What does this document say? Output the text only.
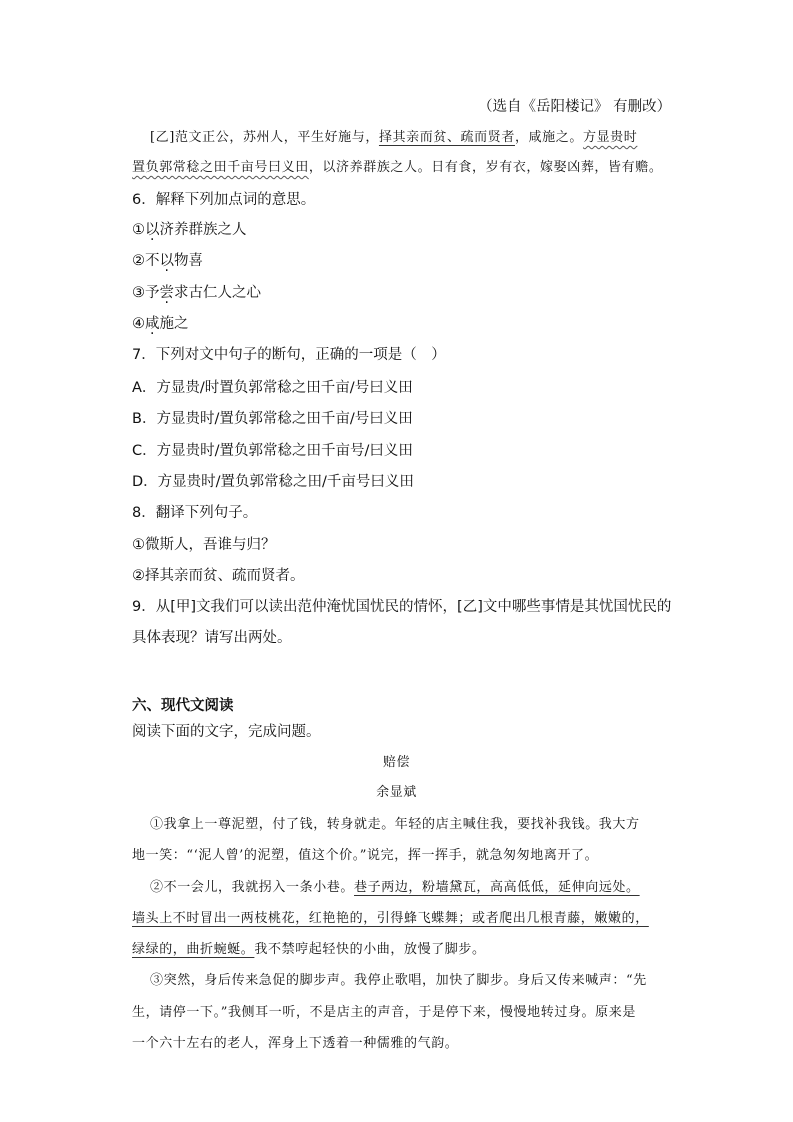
（选自《岳阳楼记》 有删改）
[乙]范文正公，苏州人，平生好施与，择其亲而贫、疏而贤者，咸施之。方显贵时
置负郭常稔之田千亩号曰义田，以济养群族之人。日有食，岁有衣，嫁娶凶葬，皆有赡。
6．解释下列加点词的意思。
①以济养群族之人
②不以物喜
③予尝求古仁人之心
④咸施之
7．下列对文中句子的断句，正确的一项是（　）
A．方显贵/时置负郭常稔之田千亩/号曰义田
B．方显贵时/置负郭常稔之田千亩/号曰义田
C．方显贵时/置负郭常稔之田千亩号/曰义田
D．方显贵时/置负郭常稔之田/千亩号曰义田
8．翻译下列句子。
①微斯人，吾谁与归？
②择其亲而贫、疏而贤者。
9．从[甲]文我们可以读出范仲淹忧国忧民的情怀，[乙]文中哪些事情是其忧国忧民的
具体表现？请写出两处。
六、现代文阅读
阅读下面的文字，完成问题。
赔偿
余显斌
①我拿上一尊泥塑，付了钱，转身就走。年轻的店主喊住我，要找补我钱。我大方
地一笑：“‘泥人曾’的泥塑，值这个价。”说完，挥一挥手，就急匆匆地离开了。
②不一会儿，我就拐入一条小巷。巷子两边，粉墙黛瓦，高高低低，延伸向远处。
墙头上不时冒出一两枝桃花，红艳艳的，引得蜂飞蝶舞；或者爬出几根青藤，嫩嫩的，
绿绿的，曲折蜿蜒。我不禁哼起轻快的小曲，放慢了脚步。
③突然，身后传来急促的脚步声。我停止歌唱，加快了脚步。身后又传来喊声：“先
生，请停一下。”我侧耳一听，不是店主的声音，于是停下来，慢慢地转过身。原来是
一个六十左右的老人，浑身上下透着一种儒雅的气韵。
